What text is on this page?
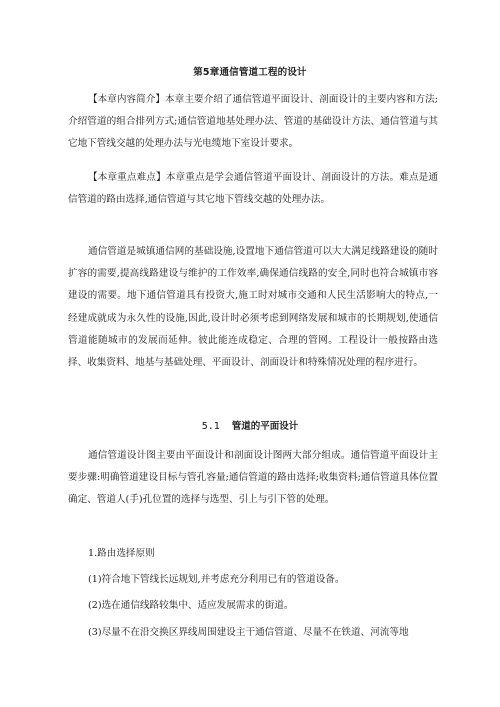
第5章通信管道工程的设计

【本章内容简介】本章主要介绍了通信管道平面设计、剖面设计的主要内容和方法;介绍管道的组合排列方式;通信管道地基处理办法、管道的基础设计方法、通信管道与其它地下管线交越的处理办法与光电缆地下室设计要求。

【本章重点难点】本章重点是学会通信管道平面设计、剖面设计的方法。难点是通信管道的路由选择,通信管道与其它地下管线交越的处理办法。

通信管道是城镇通信网的基础设施,设置地下通信管道可以大大满足线路建设的随时扩容的需要,提高线路建设与维护的工作效率,确保通信线路的安全,同时也符合城镇市容建设的需要。地下通信管道具有投资大,施工时对城市交通和人民生活影响大的特点,一经建成就成为永久性的设施,因此,设计时必须考虑到网络发展和城市的长期规划,使通信管道能随城市的发展而延伸。彼此能连成稳定、合理的管网。工程设计一般按路由选择、收集资料、地基与基础处理、平面设计、剖面设计和特殊情况处理的程序进行。

5.1 管道的平面设计

通信管道设计图主要由平面设计和剖面设计图两大部分组成。通信管道平面设计主要步骤:明确管道建设目标与管孔容量;通信管道的路由选择;收集资料;通信管道具体位置确定、管道人(手)孔位置的选择与选型、引上与引下管的处理。

1.路由选择原则
(1)符合地下管线长远规划,并考虑充分利用已有的管道设备。
(2)选在通信线路较集中、适应发展需求的街道。
(3)尽量不在沿交换区界线周围建设主干通信管道、尽量不在铁道、河流等地
